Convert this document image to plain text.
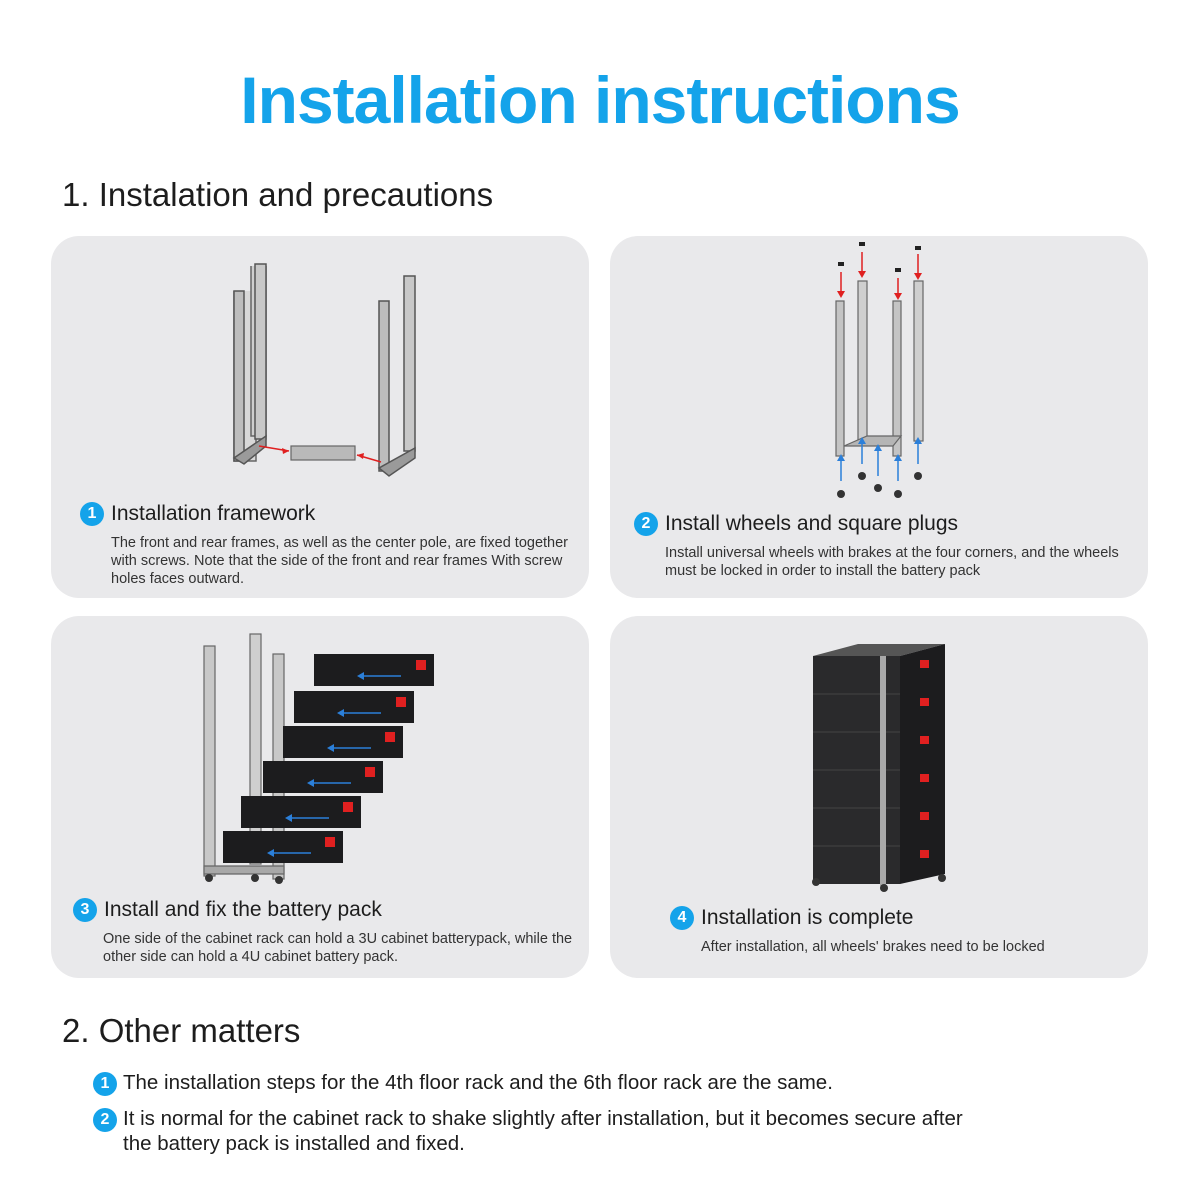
Installation instructions
1. Instalation and precautions
1 Installation framework

The front and rear frames, as well as the center pole, are fixed together with screws. Note that the side of the front and rear frames With screw holes faces outward.

2 Install wheels and square plugs

Install universal wheels with brakes at the four corners, and the wheels must be locked in order to install the battery pack

3 Install and fix the battery pack

One side of the cabinet rack can hold a 3U cabinet batterypack, while the other side can hold a 4U cabinet battery pack.

4 Installation is complete

After installation, all wheels' brakes need to be locked

2. Other matters
1 The installation steps for the 4th floor rack and the 6th floor rack are the same.
2 It is normal for the cabinet rack to shake slightly after installation, but it becomes secure after the battery pack is installed and fixed.
